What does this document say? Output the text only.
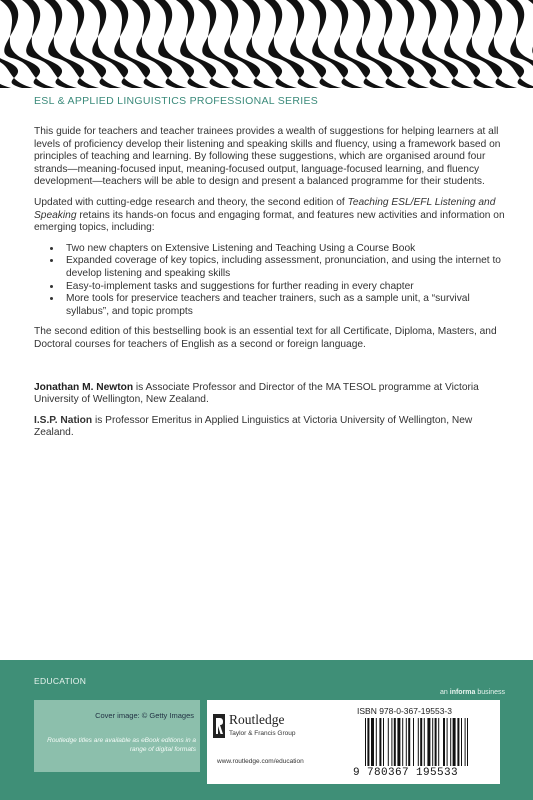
ESL & APPLIED LINGUISTICS PROFESSIONAL SERIES

This guide for teachers and teacher trainees provides a wealth of suggestions for helping learners at all levels of proficiency develop their listening and speaking skills and fluency, using a framework based on principles of teaching and learning. By following these suggestions, which are organised around four strands—meaning-focused input, meaning-focused output, language-focused learning, and fluency development—teachers will be able to design and present a balanced programme for their students.

Updated with cutting-edge research and theory, the second edition of Teaching ESL/EFL Listening and Speaking retains its hands-on focus and engaging format, and features new activities and information on emerging topics, including:

• Two new chapters on Extensive Listening and Teaching Using a Course Book
• Expanded coverage of key topics, including assessment, pronunciation, and using the internet to develop listening and speaking skills
• Easy-to-implement tasks and suggestions for further reading in every chapter
• More tools for preservice teachers and teacher trainers, such as a sample unit, a “survival syllabus”, and topic prompts

The second edition of this bestselling book is an essential text for all Certificate, Diploma, Masters, and Doctoral courses for teachers of English as a second or foreign language.

Jonathan M. Newton is Associate Professor and Director of the MA TESOL programme at Victoria University of Wellington, New Zealand.

I.S.P. Nation is Professor Emeritus in Applied Linguistics at Victoria University of Wellington, New Zealand.

EDUCATION
an informa business
Cover image: © Getty Images
Routledge titles are available as eBook editions in a range of digital formats
Routledge
Taylor & Francis Group
www.routledge.com/education
ISBN 978-0-367-19553-3
9 780367 195533
